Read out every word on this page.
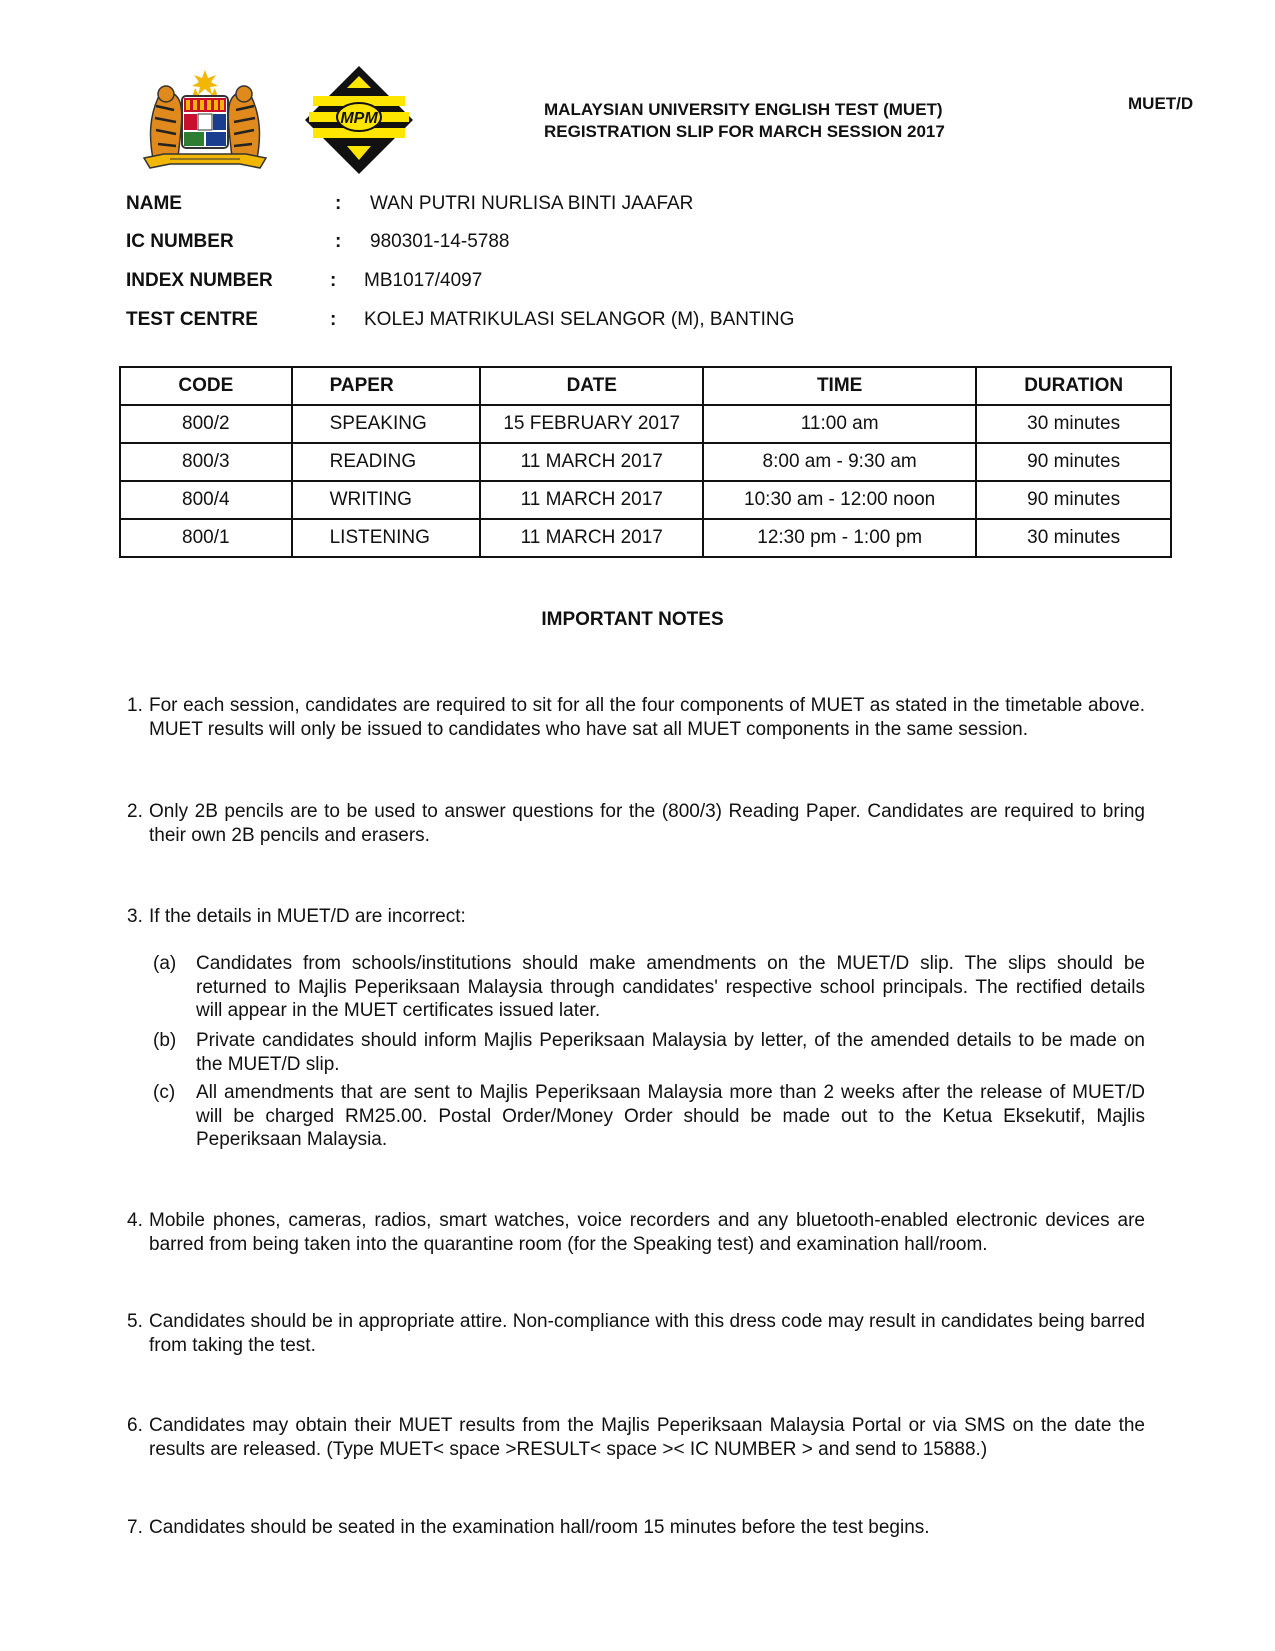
MPM	MALAYSIAN UNIVERSITY ENGLISH TEST (MUET)
REGISTRATION SLIP FOR MARCH SESSION 2017
MUET/D
NAME	: WAN PUTRI NURLISA BINTI JAAFAR
IC NUMBER	: 980301-14-5788
INDEX NUMBER	: MB1017/4097
TEST CENTRE	: KOLEJ MATRIKULASI SELANGOR (M), BANTING
CODE	PAPER	DATE	TIME	DURATION
800/2	SPEAKING	15 FEBRUARY 2017	11:00 am	30 minutes
800/3	READING	11 MARCH 2017	8:00 am - 9:30 am	90 minutes
800/4	WRITING	11 MARCH 2017	10:30 am - 12:00 noon	90 minutes
800/1	LISTENING	11 MARCH 2017	12:30 pm - 1:00 pm	30 minutes
IMPORTANT NOTES
1. For each session, candidates are required to sit for all the four components of MUET as stated in the timetable above. MUET results will only be issued to candidates who have sat all MUET components in the same session.
2. Only 2B pencils are to be used to answer questions for the (800/3) Reading Paper. Candidates are required to bring their own 2B pencils and erasers.
3. If the details in MUET/D are incorrect:
(a) Candidates from schools/institutions should make amendments on the MUET/D slip. The slips should be returned to Majlis Peperiksaan Malaysia through candidates' respective school principals. The rectified details will appear in the MUET certificates issued later.
(b) Private candidates should inform Majlis Peperiksaan Malaysia by letter, of the amended details to be made on the MUET/D slip.
(c) All amendments that are sent to Majlis Peperiksaan Malaysia more than 2 weeks after the release of MUET/D will be charged RM25.00. Postal Order/Money Order should be made out to the Ketua Eksekutif, Majlis Peperiksaan Malaysia.
4. Mobile phones, cameras, radios, smart watches, voice recorders and any bluetooth-enabled electronic devices are barred from being taken into the quarantine room (for the Speaking test) and examination hall/room.
5. Candidates should be in appropriate attire. Non-compliance with this dress code may result in candidates being barred from taking the test.
6. Candidates may obtain their MUET results from the Majlis Peperiksaan Malaysia Portal or via SMS on the date the results are released. (Type MUET< space >RESULT< space >< IC NUMBER > and send to 15888.)
7. Candidates should be seated in the examination hall/room 15 minutes before the test begins.
